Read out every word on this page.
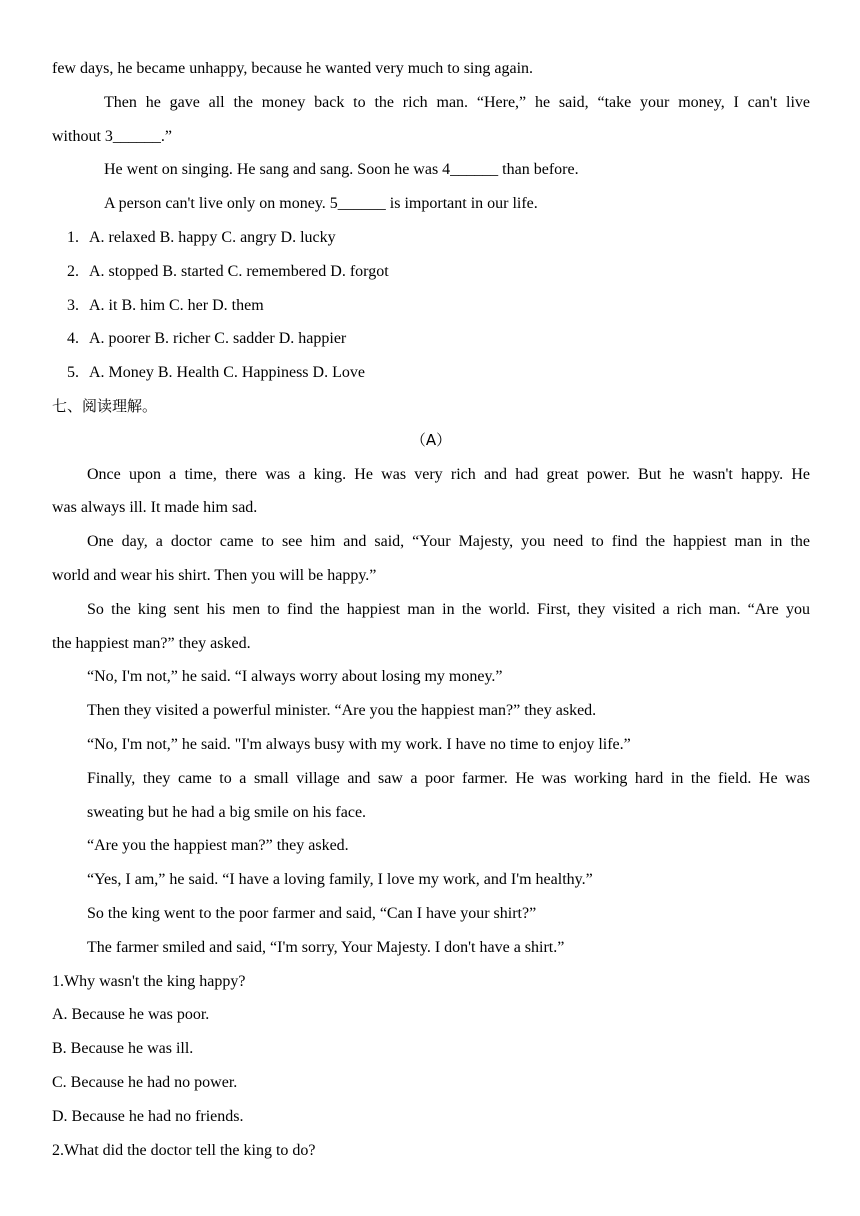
few days, he became unhappy, because he wanted very much to sing again.
Then he gave all the money back to the rich man. “Here,” he said, “take your money, I can't live
without 3______.”
He went on singing. He sang and sang. Soon he was 4______ than before.
A person can't live only on money. 5______ is important in our life.
1. A. relaxed B. happy C. angry D. lucky
2. A. stopped B. started C. remembered D. forgot
3. A. it B. him C. her D. them
4. A. poorer B. richer C. sadder D. happier
5. A. Money B. Health C. Happiness D. Love
七、阅读理解。
（A）
Once upon a time, there was a king. He was very rich and had great power. But he wasn't happy. He
was always ill. It made him sad.
One day, a doctor came to see him and said, “Your Majesty, you need to find the happiest man in the
world and wear his shirt. Then you will be happy.”
So the king sent his men to find the happiest man in the world. First, they visited a rich man. “Are you
the happiest man?” they asked.
“No, I'm not,” he said. “I always worry about losing my money.”
Then they visited a powerful minister. “Are you the happiest man?” they asked.
“No, I'm not,” he said. "I'm always busy with my work. I have no time to enjoy life.”
Finally, they came to a small village and saw a poor farmer. He was working hard in the field. He was
sweating but he had a big smile on his face.
“Are you the happiest man?” they asked.
“Yes, I am,” he said. “I have a loving family, I love my work, and I'm healthy.”
So the king went to the poor farmer and said, “Can I have your shirt?”
The farmer smiled and said, “I'm sorry, Your Majesty. I don't have a shirt.”
1.Why wasn't the king happy?
A. Because he was poor.
B. Because he was ill.
C. Because he had no power.
D. Because he had no friends.
2.What did the doctor tell the king to do?
